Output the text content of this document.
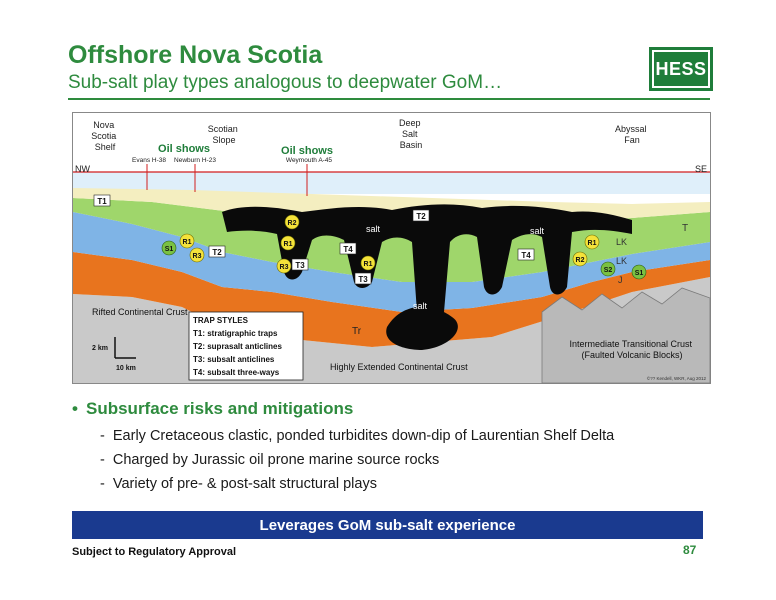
Offshore Nova Scotia
Sub-salt play types analogous to deepwater GoM…
HESS
Nova Scotia Shelf
Scotian Slope
Deep Salt Basin
Abyssal Fan
Oil shows	Oil shows
Evans H-38 Newburn H-23	Weymouth A-45
NW	SE
T1
T2
T3
T3
T4
T4
T2
R2
R1
R3
R1
R3
R1
R1
R2
S1
S2	S1
salt	salt
salt
T
LK
LK
J
Tr
Rifted Continental Crust
Highly Extended Continental Crust
Intermediate Transitional Crust (Faulted Volcanic Blocks)
2 km
10 km
TRAP STYLES
T1: stratigraphic traps
T2: suprasalt anticlines
T3: subsalt anticlines
T4: subsalt three-ways
©?? Kendell, WKR, Aug 2012
• Subsurface risks and mitigations
-  Early Cretaceous clastic, ponded turbidites down-dip of Laurentian Shelf Delta
-  Charged by Jurassic oil prone marine source rocks
-  Variety of pre- & post-salt structural plays
Leverages GoM sub-salt experience
Subject to Regulatory Approval	87
